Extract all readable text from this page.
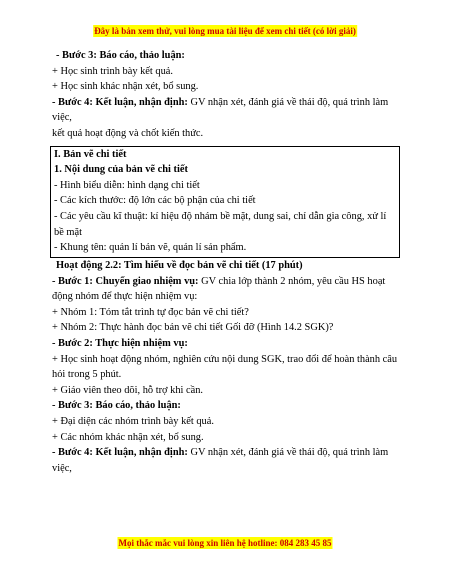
Đây là bản xem thử, vui lòng mua tài liệu để xem chi tiết (có lời giải)

- Bước 3: Báo cáo, thảo luận:

+ Học sinh trình bày kết quả.

+ Học sinh khác nhận xét, bổ sung.

- Bước 4: Kết luận, nhận định: GV nhận xét, đánh giá về thái độ, quá trình làm việc,

kết quả hoạt động và chốt kiến thức.

I. Bản vẽ chi tiết

1. Nội dung của bản vẽ chi tiết

- Hình biểu diễn: hình dạng chi tiết

- Các kích thước: độ lớn các bộ phận của chi tiết

- Các yêu cầu kĩ thuật: kí hiệu độ nhám bề mặt, dung sai, chỉ dẫn gia công, xử lí bề mặt

- Khung tên: quản lí bản vẽ, quản lí sản phẩm.

Hoạt động 2.2: Tìm hiểu về đọc bản vẽ chi tiết (17 phút)

- Bước 1: Chuyển giao nhiệm vụ: GV chia lớp thành 2 nhóm, yêu cầu HS hoạt động nhóm để thực hiện nhiệm vụ:

+ Nhóm 1: Tóm tắt trình tự đọc bản vẽ chi tiết?

+ Nhóm 2: Thực hành đọc bản vẽ chi tiết Gối đỡ (Hình 14.2 SGK)?

- Bước 2: Thực hiện nhiệm vụ:

+ Học sinh hoạt động nhóm, nghiên cứu nội dung SGK, trao đổi để hoàn thành câu hỏi trong 5 phút.

+ Giáo viên theo dõi, hỗ trợ khi cần.

- Bước 3: Báo cáo, thảo luận:

+ Đại diện các nhóm trình bày kết quả.

+ Các nhóm khác nhận xét, bổ sung.

- Bước 4: Kết luận, nhận định: GV nhận xét, đánh giá về thái độ, quá trình làm việc,

Mọi thắc mắc vui lòng xin liên hệ hotline: 084 283 45 85
